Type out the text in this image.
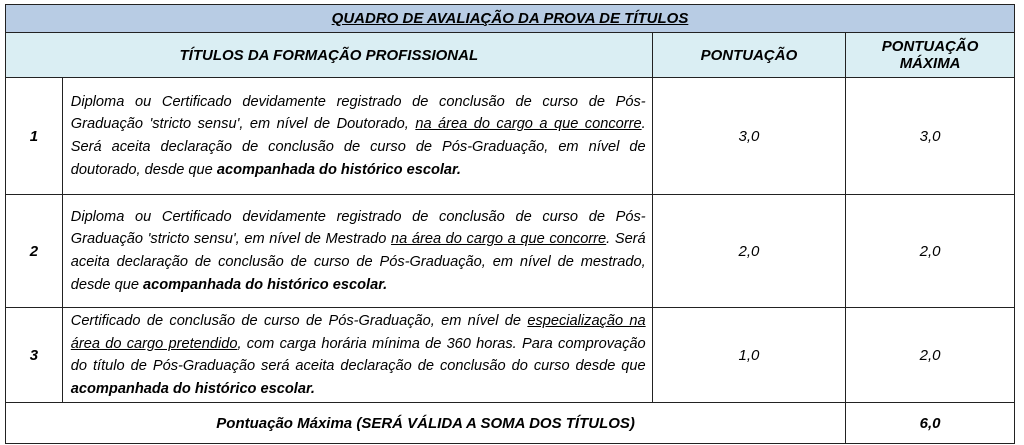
QUADRO DE AVALIAÇÃO DA PROVA DE TÍTULOS			
TÍTULOS DA FORMAÇÃO PROFISSIONAL		PONTUAÇÃO	PONTUAÇÃO MÁXIMA
1	Diploma ou Certificado devidamente registrado de conclusão de curso de Pós-Graduação 'stricto sensu', em nível de Doutorado, na área do cargo a que concorre. Será aceita declaração de conclusão de curso de Pós-Graduação, em nível de doutorado, desde que acompanhada do histórico escolar.	3,0	3,0
2	Diploma ou Certificado devidamente registrado de conclusão de curso de Pós-Graduação 'stricto sensu', em nível de Mestrado na área do cargo a que concorre. Será aceita declaração de conclusão de curso de Pós-Graduação, em nível de mestrado, desde que acompanhada do histórico escolar.	2,0	2,0
3	Certificado de conclusão de curso de Pós-Graduação, em nível de especialização na área do cargo pretendido, com carga horária mínima de 360 horas. Para comprovação do título de Pós-Graduação será aceita declaração de conclusão do curso desde que acompanhada do histórico escolar.	1,0	2,0
Pontuação Máxima (SERÁ VÁLIDA A SOMA DOS TÍTULOS)			6,0
